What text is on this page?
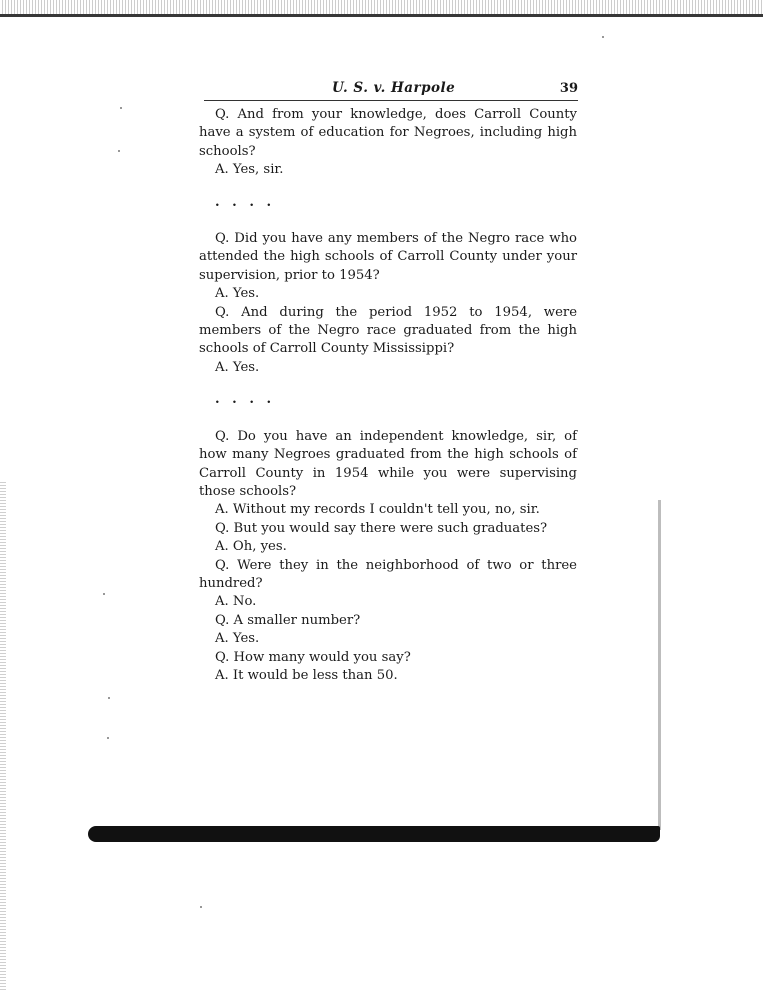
U. S. v. Harpole	39

Q. And from your knowledge, does Carroll County have a system of education for Negroes, including high schools?

A. Yes, sir.

. . . .

Q. Did you have any members of the Negro race who attended the high schools of Carroll County under your supervision, prior to 1954?

A. Yes.

Q. And during the period 1952 to 1954, were members of the Negro race graduated from the high schools of Carroll County Mississippi?

A. Yes.

. . . .

Q. Do you have an independent knowledge, sir, of how many Negroes graduated from the high schools of Carroll County in 1954 while you were supervising those schools?

A. Without my records I couldn't tell you, no, sir.

Q. But you would say there were such graduates?

A. Oh, yes.

Q. Were they in the neighborhood of two or three hundred?

A. No.

Q. A smaller number?

A. Yes.

Q. How many would you say?

A. It would be less than 50.
